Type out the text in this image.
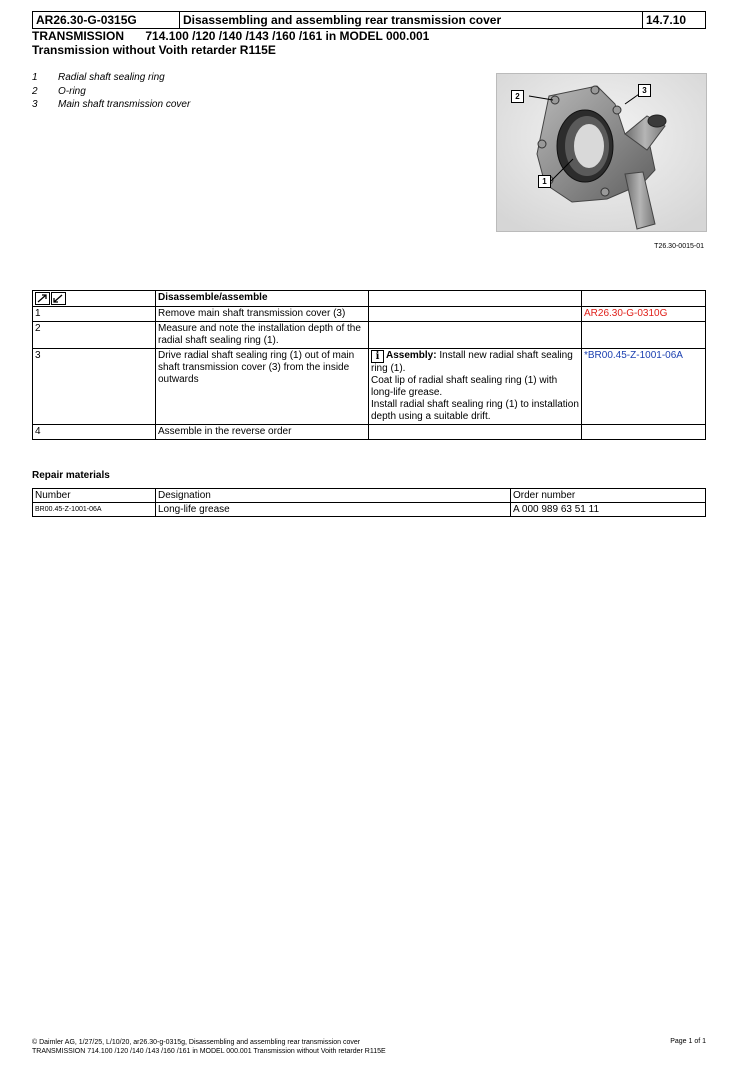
AR26.30-G-0315G	Disassembling and assembling rear transmission cover	14.7.10
TRANSMISSION 714.100 /120 /140 /143 /160 /161 in MODEL 000.001
Transmission without Voith retarder R115E
1	Radial shaft sealing ring
2	O-ring
3	Main shaft transmission cover
2
3
1
T26.30-0015-01
	Disassemble/assemble		
1	Remove main shaft transmission cover (3)		AR26.30-G-0310G
2	Measure and note the installation depth of the radial shaft sealing ring (1).		
3	Drive radial shaft sealing ring (1) out of main shaft transmission cover (3) from the inside outwards	i Assembly: Install new radial shaft sealing ring (1).
Coat lip of radial shaft sealing ring (1) with long-life grease.
Install radial shaft sealing ring (1) to installation depth using a suitable drift.	*BR00.45-Z-1001-06A
4	Assemble in the reverse order		
Repair materials
Number	Designation	Order number
BR00.45-Z-1001-06A	Long-life grease	A 000 989 63 51 11
© Daimler AG, 1/27/25, L/10/20, ar26.30-g-0315g, Disassembling and assembling rear transmission cover
TRANSMISSION 714.100 /120 /140 /143 /160 /161 in MODEL 000.001 Transmission without Voith retarder R115E
Page 1 of 1
